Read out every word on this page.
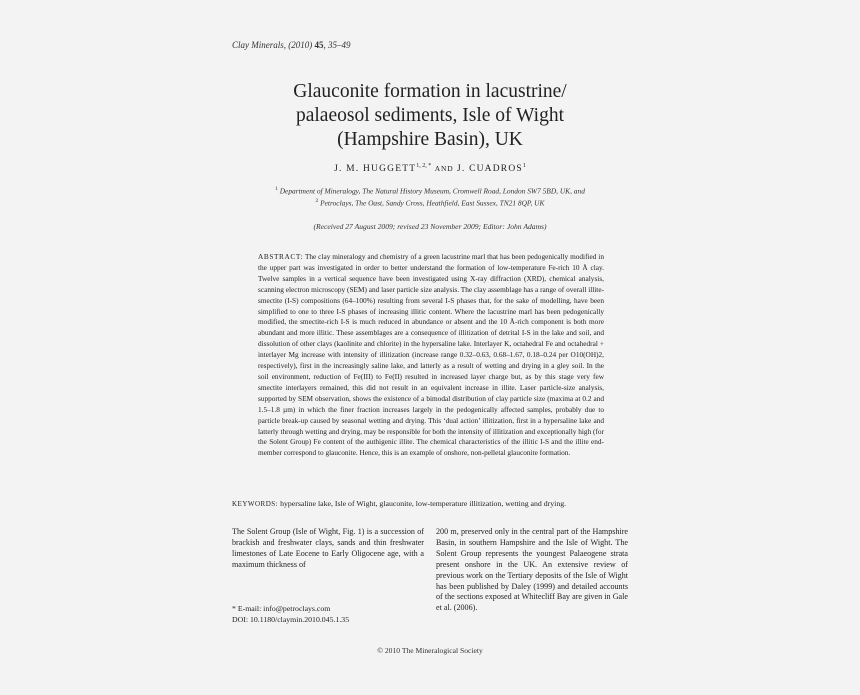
Clay Minerals, (2010) 45, 35–49
Glauconite formation in lacustrine/
palaeosol sediments, Isle of Wight
(Hampshire Basin), UK
J. M. $HUGGETT^{1, 2, *}$ AND J. CUADROS$^1$
$^1$ Department of Mineralogy, The Natural History Museum, Cromwell Road, London SW7 5BD, UK, and
$^2$ Petroclays, The Oast, Sandy Cross, Heathfield, East Sussex, TN21 8QP, UK
(Received 27 August 2009; revised 23 November 2009; Editor: John Adams)
ABSTRACT: The clay mineralogy and chemistry of a green lacustrine marl that has been pedogenically modified in the upper part was investigated in order to better understand the formation of low-temperature Fe-rich 10 Å clay. Twelve samples in a vertical sequence have been investigated using X-ray diffraction (XRD), chemical analysis, scanning electron microscopy (SEM) and laser particle size analysis. The clay assemblage has a range of overall illite-smectite (I-S) compositions (64–100%) resulting from several I-S phases that, for the sake of modelling, have been simplified to one to three I-S phases of increasing illitic content. Where the lacustrine marl has been pedogenically modified, the smectite-rich I-S is much reduced in abundance or absent and the 10 Å-rich component is both more abundant and more illitic. These assemblages are a consequence of illitization of detrital I-S in the lake and soil, and dissolution of other clays (kaolinite and chlorite) in the hypersaline lake. Interlayer K, octahedral Fe and octahedral + interlayer Mg increase with intensity of illitization (increase range 0.32–0.63, 0.68–1.67, 0.18–0.24 per O10(OH)2, respectively), first in the increasingly saline lake, and latterly as a result of wetting and drying in a gley soil. In the soil environment, reduction of Fe(III) to Fe(II) resulted in increased layer charge but, as by this stage very few smectite interlayers remained, this did not result in an equivalent increase in illite. Laser particle-size analysis, supported by SEM observation, shows the existence of a bimodal distribution of clay particle size (maxima at 0.2 and 1.5–1.8 µm) in which the finer fraction increases largely in the pedogenically affected samples, probably due to particle break-up caused by seasonal wetting and drying. This ‘dual action’ illitization, first in a hypersaline lake and latterly through wetting and drying, may be responsible for both the intensity of illitization and exceptionally high (for the Solent Group) Fe content of the authigenic illite. The chemical characteristics of the illitic I-S and the illite end-member correspond to glauconite. Hence, this is an example of onshore, non-pelletal glauconite formation.
KEYWORDS: hypersaline lake, Isle of Wight, glauconite, low-temperature illitization, wetting and drying.
The Solent Group (Isle of Wight, Fig. 1) is a succession of brackish and freshwater clays, sands and thin freshwater limestones of Late Eocene to Early Oligocene age, with a maximum thickness of
200 m, preserved only in the central part of the Hampshire Basin, in southern Hampshire and the Isle of Wight. The Solent Group represents the youngest Palaeogene strata present onshore in the UK. An extensive review of previous work on the Tertiary deposits of the Isle of Wight has been published by Daley (1999) and detailed accounts of the sections exposed at Whitecliff Bay are given in Gale et al. (2006).
* E-mail: info@petroclays.com
DOI: 10.1180/claymin.2010.045.1.35
© 2010 The Mineralogical Society
